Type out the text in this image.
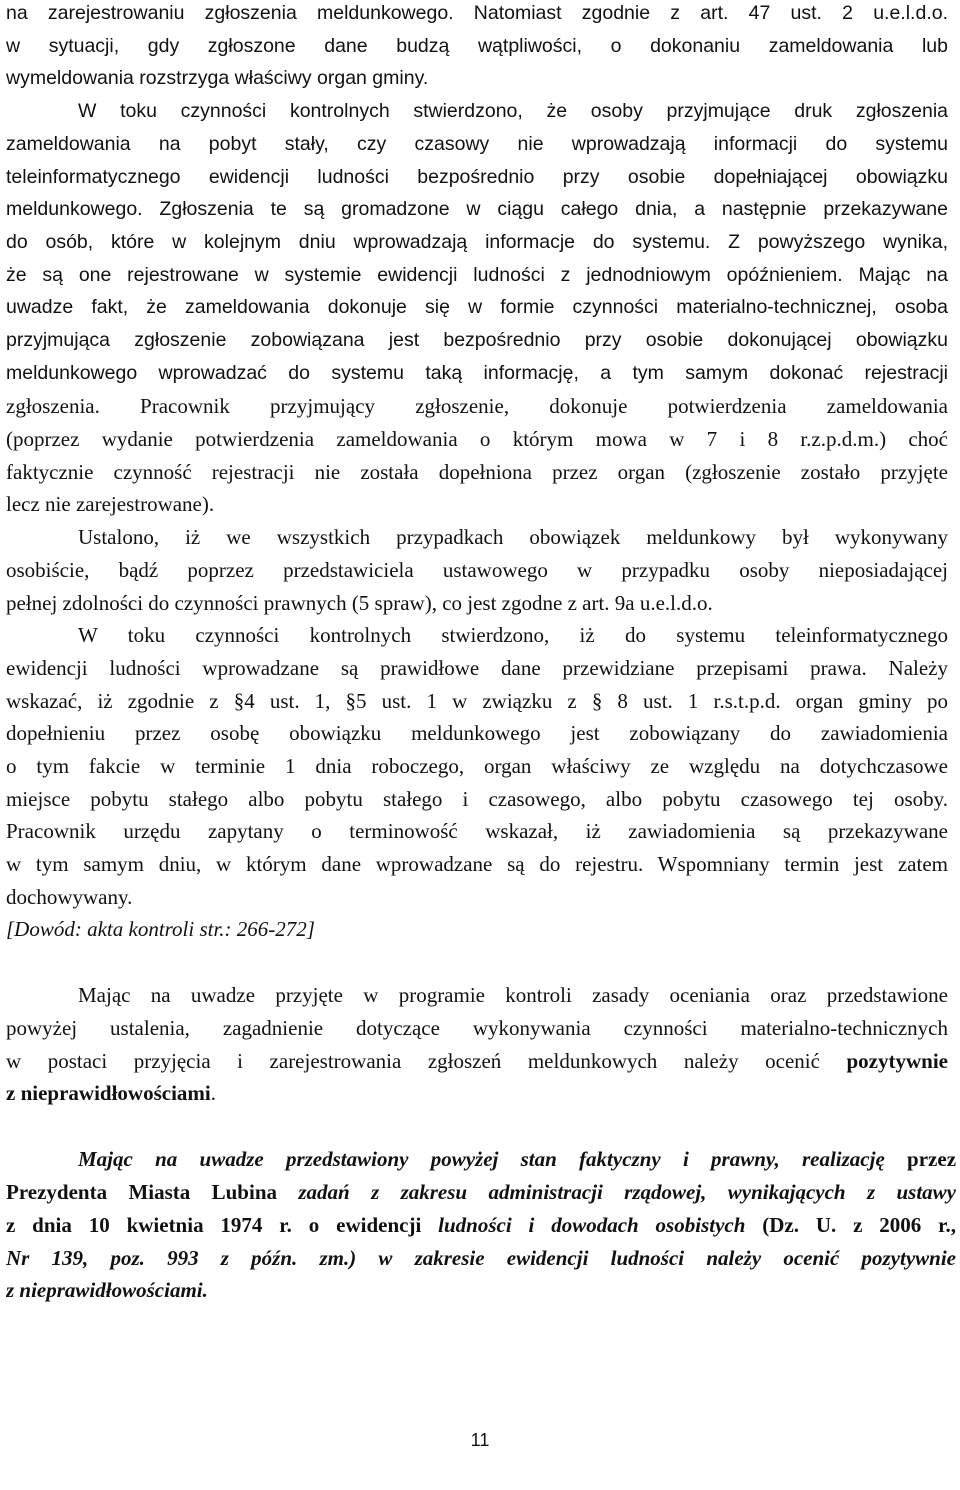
na zarejestrowaniu zgłoszenia meldunkowego. Natomiast zgodnie z art. 47 ust. 2 u.e.l.d.o.
w sytuacji, gdy zgłoszone dane budzą wątpliwości, o dokonaniu zameldowania lub
wymeldowania rozstrzyga właściwy organ gminy.
W toku czynności kontrolnych stwierdzono, że osoby przyjmujące druk zgłoszenia
zameldowania na pobyt stały, czy czasowy nie wprowadzają informacji do systemu
teleinformatycznego ewidencji ludności bezpośrednio przy osobie dopełniającej obowiązku
meldunkowego. Zgłoszenia te są gromadzone w ciągu całego dnia, a następnie przekazywane
do osób, które w kolejnym dniu wprowadzają informacje do systemu. Z powyższego wynika,
że są one rejestrowane w systemie ewidencji ludności z jednodniowym opóźnieniem. Mając na
uwadze fakt, że zameldowania dokonuje się w formie czynności materialno-technicznej, osoba
przyjmująca zgłoszenie zobowiązana jest bezpośrednio przy osobie dokonującej obowiązku
meldunkowego wprowadzać do systemu taką informację, a tym samym dokonać rejestracji
zgłoszenia. Pracownik przyjmujący zgłoszenie, dokonuje potwierdzenia zameldowania
(poprzez wydanie potwierdzenia zameldowania o którym mowa w 7 i 8 r.z.p.d.m.) choć
faktycznie czynność rejestracji nie została dopełniona przez organ (zgłoszenie zostało przyjęte
lecz nie zarejestrowane).
Ustalono, iż we wszystkich przypadkach obowiązek meldunkowy był wykonywany
osobiście, bądź poprzez przedstawiciela ustawowego w przypadku osoby nieposiadającej
pełnej zdolności do czynności prawnych (5 spraw), co jest zgodne z art. 9a u.e.l.d.o.
W toku czynności kontrolnych stwierdzono, iż do systemu teleinformatycznego
ewidencji ludności wprowadzane są prawidłowe dane przewidziane przepisami prawa. Należy
wskazać, iż zgodnie z §4 ust. 1, §5 ust. 1 w związku z § 8 ust. 1 r.s.t.p.d. organ gminy po
dopełnieniu przez osobę obowiązku meldunkowego jest zobowiązany do zawiadomienia
o tym fakcie w terminie 1 dnia roboczego, organ właściwy ze względu na dotychczasowe
miejsce pobytu stałego albo pobytu stałego i czasowego, albo pobytu czasowego tej osoby.
Pracownik urzędu zapytany o terminowość wskazał, iż zawiadomienia są przekazywane
w tym samym dniu, w którym dane wprowadzane są do rejestru. Wspomniany termin jest zatem
dochowywany.
[Dowód: akta kontroli str.: 266-272]
Mając na uwadze przyjęte w programie kontroli zasady oceniania oraz przedstawione
powyżej ustalenia, zagadnienie dotyczące wykonywania czynności materialno-technicznych
w postaci przyjęcia i zarejestrowania zgłoszeń meldunkowych należy ocenić pozytywnie
z nieprawidłowościami.
Mając na uwadze przedstawiony powyżej stan faktyczny i prawny, realizację przez
Prezydenta Miasta Lubina zadań z zakresu administracji rządowej, wynikających z ustawy
z dnia 10 kwietnia 1974 r. o ewidencji ludności i dowodach osobistych (Dz. U. z 2006 r.,
Nr 139, poz. 993 z późn. zm.) w zakresie ewidencji ludności należy ocenić pozytywnie
z nieprawidłowościami.
11
